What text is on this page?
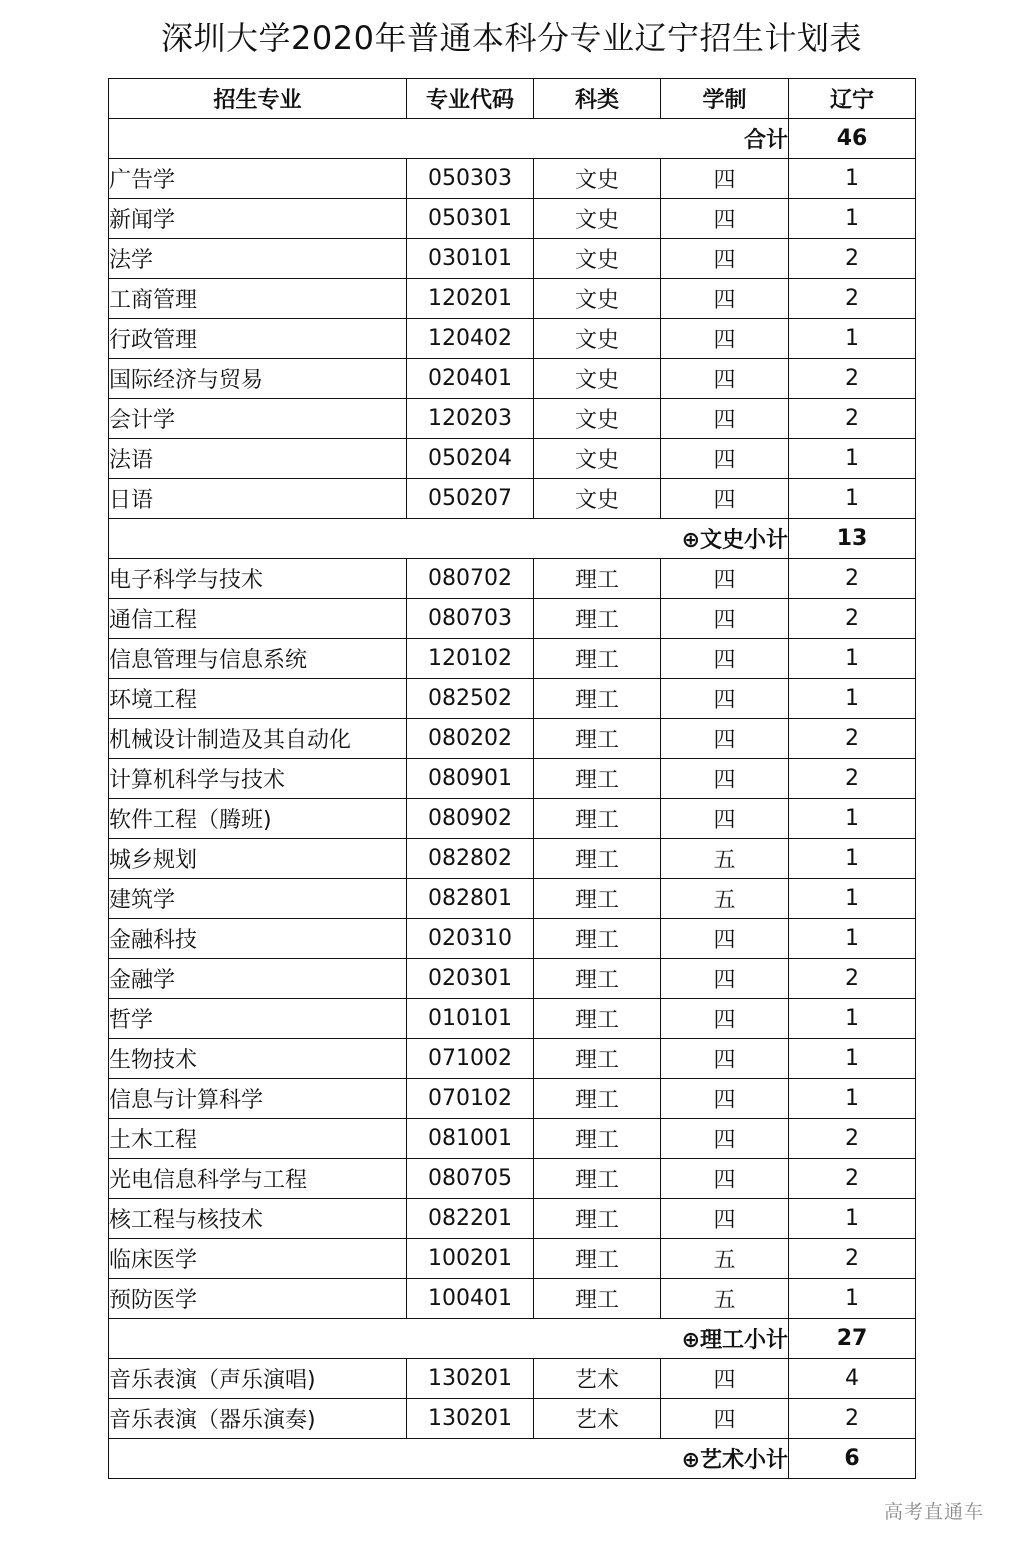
深圳大学2020年普通本科分专业辽宁招生计划表
招生专业	专业代码	科类	学制	辽宁
合计				46
广告学	050303	文史	四	1
新闻学	050301	文史	四	1
法学	030101	文史	四	2
工商管理	120201	文史	四	2
行政管理	120402	文史	四	1
国际经济与贸易	020401	文史	四	2
会计学	120203	文史	四	2
法语	050204	文史	四	1
日语	050207	文史	四	1
⊕文史小计				13
电子科学与技术	080702	理工	四	2
通信工程	080703	理工	四	2
信息管理与信息系统	120102	理工	四	1
环境工程	082502	理工	四	1
机械设计制造及其自动化	080202	理工	四	2
计算机科学与技术	080901	理工	四	2
软件工程（腾班)	080902	理工	四	1
城乡规划	082802	理工	五	1
建筑学	082801	理工	五	1
金融科技	020310	理工	四	1
金融学	020301	理工	四	2
哲学	010101	理工	四	1
生物技术	071002	理工	四	1
信息与计算科学	070102	理工	四	1
土木工程	081001	理工	四	2
光电信息科学与工程	080705	理工	四	2
核工程与核技术	082201	理工	四	1
临床医学	100201	理工	五	2
预防医学	100401	理工	五	1
⊕理工小计				27
音乐表演（声乐演唱)	130201	艺术	四	4
音乐表演（器乐演奏)	130201	艺术	四	2
⊕艺术小计				6
高考直通车
